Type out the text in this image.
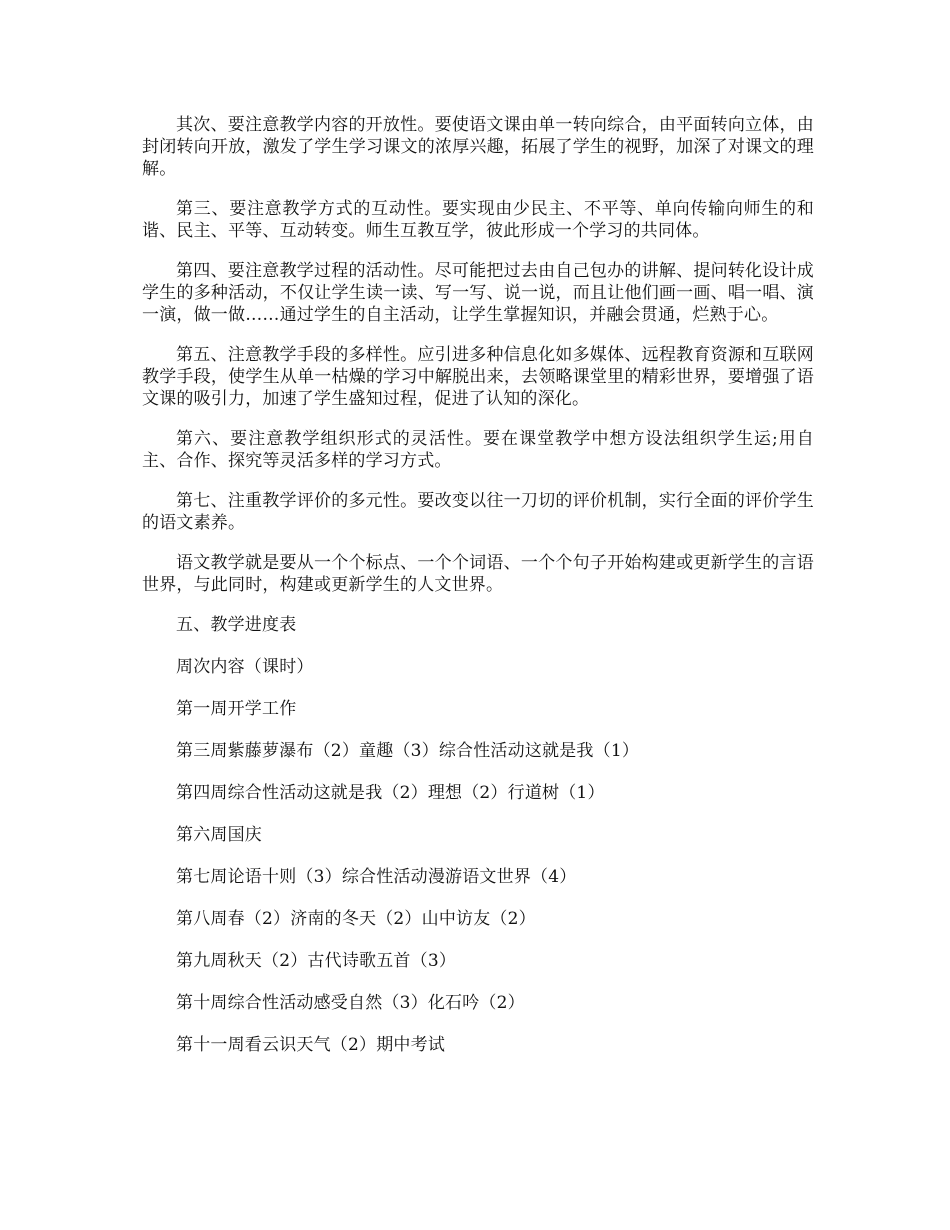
其次、要注意教学内容的开放性。要使语文课由单一转向综合，由平面转向立体，由封闭转向开放，激发了学生学习课文的浓厚兴趣，拓展了学生的视野，加深了对课文的理解。

第三、要注意教学方式的互动性。要实现由少民主、不平等、单向传输向师生的和谐、民主、平等、互动转变。师生互教互学，彼此形成一个学习的共同体。

第四、要注意教学过程的活动性。尽可能把过去由自己包办的讲解、提问转化设计成学生的多种活动，不仅让学生读一读、写一写、说一说，而且让他们画一画、唱一唱、演一演，做一做……通过学生的自主活动，让学生掌握知识，并融会贯通，烂熟于心。

第五、注意教学手段的多样性。应引进多种信息化如多媒体、远程教育资源和互联网教学手段，使学生从单一枯燥的学习中解脱出来，去领略课堂里的精彩世界，要增强了语文课的吸引力，加速了学生盛知过程，促进了认知的深化。

第六、要注意教学组织形式的灵活性。要在课堂教学中想方设法组织学生运;用自主、合作、探究等灵活多样的学习方式。

第七、注重教学评价的多元性。要改变以往一刀切的评价机制，实行全面的评价学生的语文素养。

语文教学就是要从一个个标点、一个个词语、一个个句子开始构建或更新学生的言语世界，与此同时，构建或更新学生的人文世界。

五、教学进度表
周次内容（课时）
第一周开学工作
第三周紫藤萝瀑布（2）童趣（3）综合性活动这就是我（1）
第四周综合性活动这就是我（2）理想（2）行道树（1）
第六周国庆
第七周论语十则（3）综合性活动漫游语文世界（4）
第八周春（2）济南的冬天（2）山中访友（2）
第九周秋天（2）古代诗歌五首（3）
第十周综合性活动感受自然（3）化石吟（2）
第十一周看云识天气（2）期中考试
